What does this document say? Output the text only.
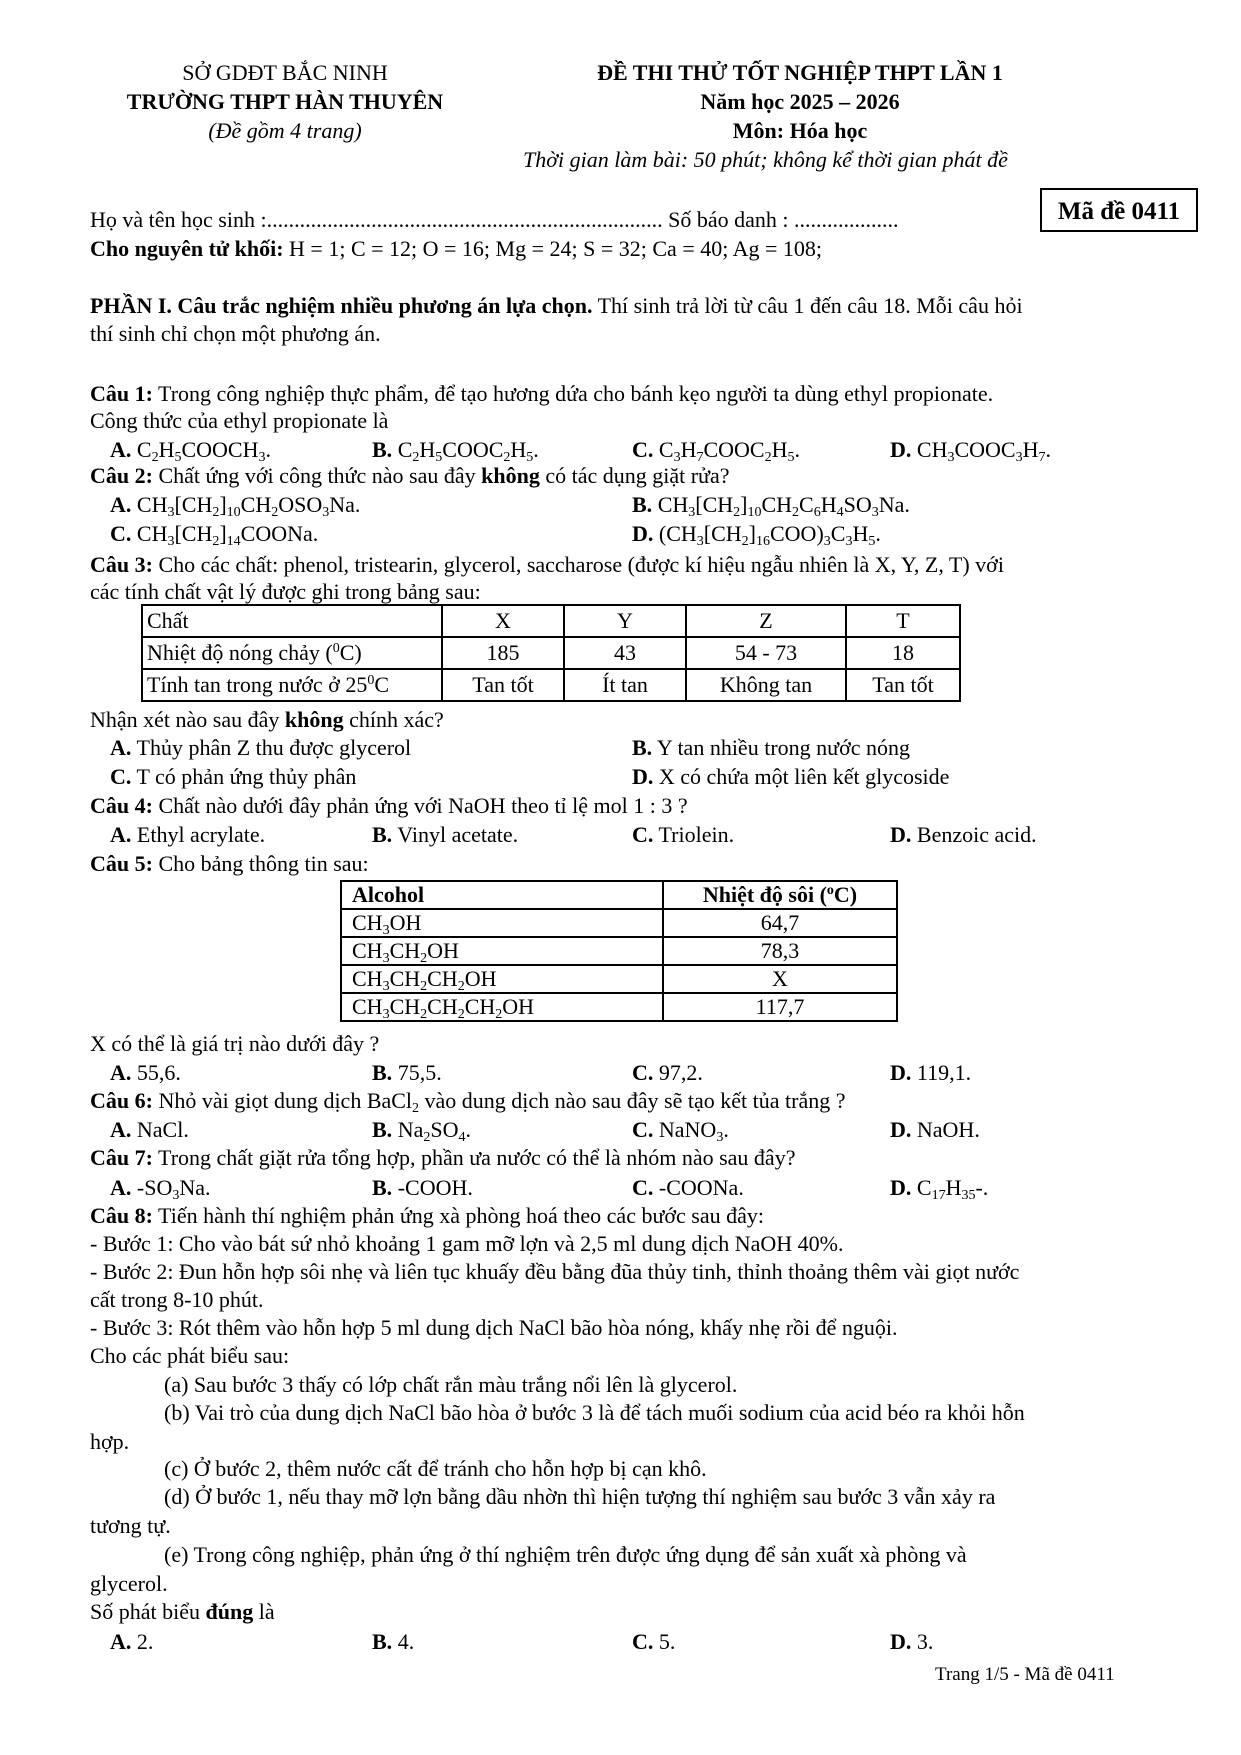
SỞ GDĐT BẮC NINH
TRƯỜNG THPT HÀN THUYÊN
(Đề gồm 4 trang)
ĐỀ THI THỬ TỐT NGHIỆP THPT LẦN 1
Năm học 2025 – 2026
Môn: Hóa học
Thời gian làm bài: 50 phút; không kể thời gian phát đề
Mã đề 0411
Họ và tên học sinh :........................................................................ Số báo danh : ...................
Cho nguyên tử khối: H = 1; C = 12; O = 16; Mg = 24; S = 32; Ca = 40; Ag = 108;
PHẦN I. Câu trắc nghiệm nhiều phương án lựa chọn. Thí sinh trả lời từ câu 1 đến câu 18. Mỗi câu hỏi
thí sinh chỉ chọn một phương án.
Câu 1: Trong công nghiệp thực phẩm, để tạo hương dứa cho bánh kẹo người ta dùng ethyl propionate.
Công thức của ethyl propionate là
A. $C_2H_5COOCH_3$.	B. $C_2H_5COOC_2H_5$.	C. $C_3H_7COOC_2H_5$.	D. $CH_3COOC_3H_7$.
Câu 2: Chất ứng với công thức nào sau đây không có tác dụng giặt rửa?
A. $CH_3[CH_2]_{10}CH_2OSO_3Na$.	B. $CH_3[CH_2]_{10}CH_2C_6H_4SO_3Na$.
C. $CH_3[CH_2]_{14}COONa$.	D. $(CH_3[CH_2]_{16}COO)_3C_3H_5$.
Câu 3: Cho các chất: phenol, tristearin, glycerol, saccharose (được kí hiệu ngẫu nhiên là X, Y, Z, T) với
các tính chất vật lý được ghi trong bảng sau:
Chất	X	Y	Z	T
Nhiệt độ nóng chảy ($^0$C)	185	43	54 - 73	18
Tính tan trong nước ở $25^0C$	Tan tốt	Ít tan	Không tan	Tan tốt
Nhận xét nào sau đây không chính xác?
A. Thủy phân Z thu được glycerol	B. Y tan nhiều trong nước nóng
C. T có phản ứng thủy phân	D. X có chứa một liên kết glycoside
Câu 4: Chất nào dưới đây phản ứng với NaOH theo tỉ lệ mol 1 : 3 ?
A. Ethyl acrylate.	B. Vinyl acetate.	C. Triolein.	D. Benzoic acid.
Câu 5: Cho bảng thông tin sau:
Alcohol	Nhiệt độ sôi ($^o$C)
$CH_3OH$	64,7
$CH_3CH_2OH$	78,3
$CH_3CH_2CH_2OH$	X
$CH_3CH_2CH_2CH_2OH$	117,7
X có thể là giá trị nào dưới đây ?
A. 55,6.	B. 75,5.	C. 97,2.	D. 119,1.
Câu 6: Nhỏ vài giọt dung dịch BaCl$_2$ vào dung dịch nào sau đây sẽ tạo kết tủa trắng ?
A. NaCl.	B. $Na_2SO_4$.	C. NaNO$_3$.	D. NaOH.
Câu 7: Trong chất giặt rửa tổng hợp, phần ưa nước có thể là nhóm nào sau đây?
A. $-SO_3Na$.	B. -COOH.	C. -COONa.	D. $C_{17}H_{35}-$.
Câu 8: Tiến hành thí nghiệm phản ứng xà phòng hoá theo các bước sau đây:
- Bước 1: Cho vào bát sứ nhỏ khoảng 1 gam mỡ lợn và 2,5 ml dung dịch NaOH 40%.
- Bước 2: Đun hỗn hợp sôi nhẹ và liên tục khuấy đều bằng đũa thủy tinh, thỉnh thoảng thêm vài giọt nước
cất trong 8-10 phút.
- Bước 3: Rót thêm vào hỗn hợp 5 ml dung dịch NaCl bão hòa nóng, khấy nhẹ rồi để nguội.
Cho các phát biểu sau:
(a) Sau bước 3 thấy có lớp chất rắn màu trắng nổi lên là glycerol.
(b) Vai trò của dung dịch NaCl bão hòa ở bước 3 là để tách muối sodium của acid béo ra khỏi hỗn
hợp.
(c) Ở bước 2, thêm nước cất để tránh cho hỗn hợp bị cạn khô.
(d) Ở bước 1, nếu thay mỡ lợn bằng dầu nhờn thì hiện tượng thí nghiệm sau bước 3 vẫn xảy ra
tương tự.
(e) Trong công nghiệp, phản ứng ở thí nghiệm trên được ứng dụng để sản xuất xà phòng và
glycerol.
Số phát biểu đúng là
A. 2.	B. 4.	C. 5.	D. 3.
Trang 1/5 - Mã đề 0411
